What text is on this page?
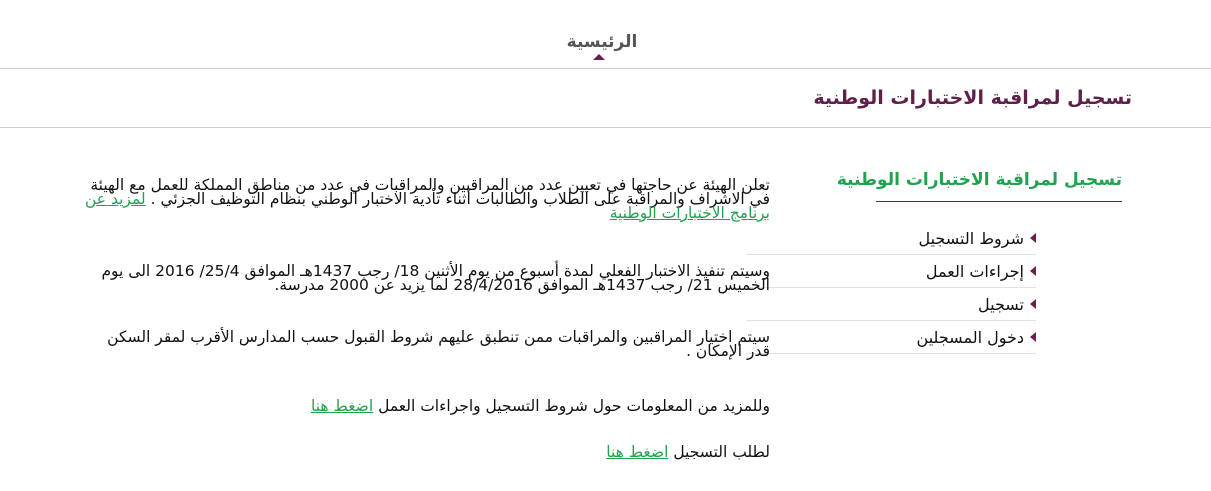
الرئيسية
تسجيل لمراقبة الاختبارات الوطنية
تسجيل لمراقبة الاختبارات الوطنية
شروط التسجيل
إجراءات العمل
تسجيل
دخول المسجلين

تعلن الهيئة عن حاجتها في تعيين عدد من المراقبين والمراقبات في عدد من مناطق المملكة للعمل مع الهيئة في الاشراف والمراقبة على الطلاب والطالبات أثناء تأدية الاختبار الوطني بنظام التوظيف الجزئي . لمزيد عن برنامج الاختبارات الوطنية

وسيتم تنفيذ الاختبار الفعلي لمدة أسبوع من يوم الأثنين 18/ رجب 1437هـ الموافق 25/4/ 2016 الى يوم الخميس 21/ رجب 1437هـ الموافق 28/4/2016 لما يزيد عن 2000 مدرسة.

سيتم اختيار المراقبين والمراقبات ممن تنطبق عليهم شروط القبول حسب المدارس الأقرب لمقر السكن قدر الإمكان .

وللمزيد من المعلومات حول شروط التسجيل واجراءات العمل اضغط هنا

لطلب التسجيل اضغط هنا
